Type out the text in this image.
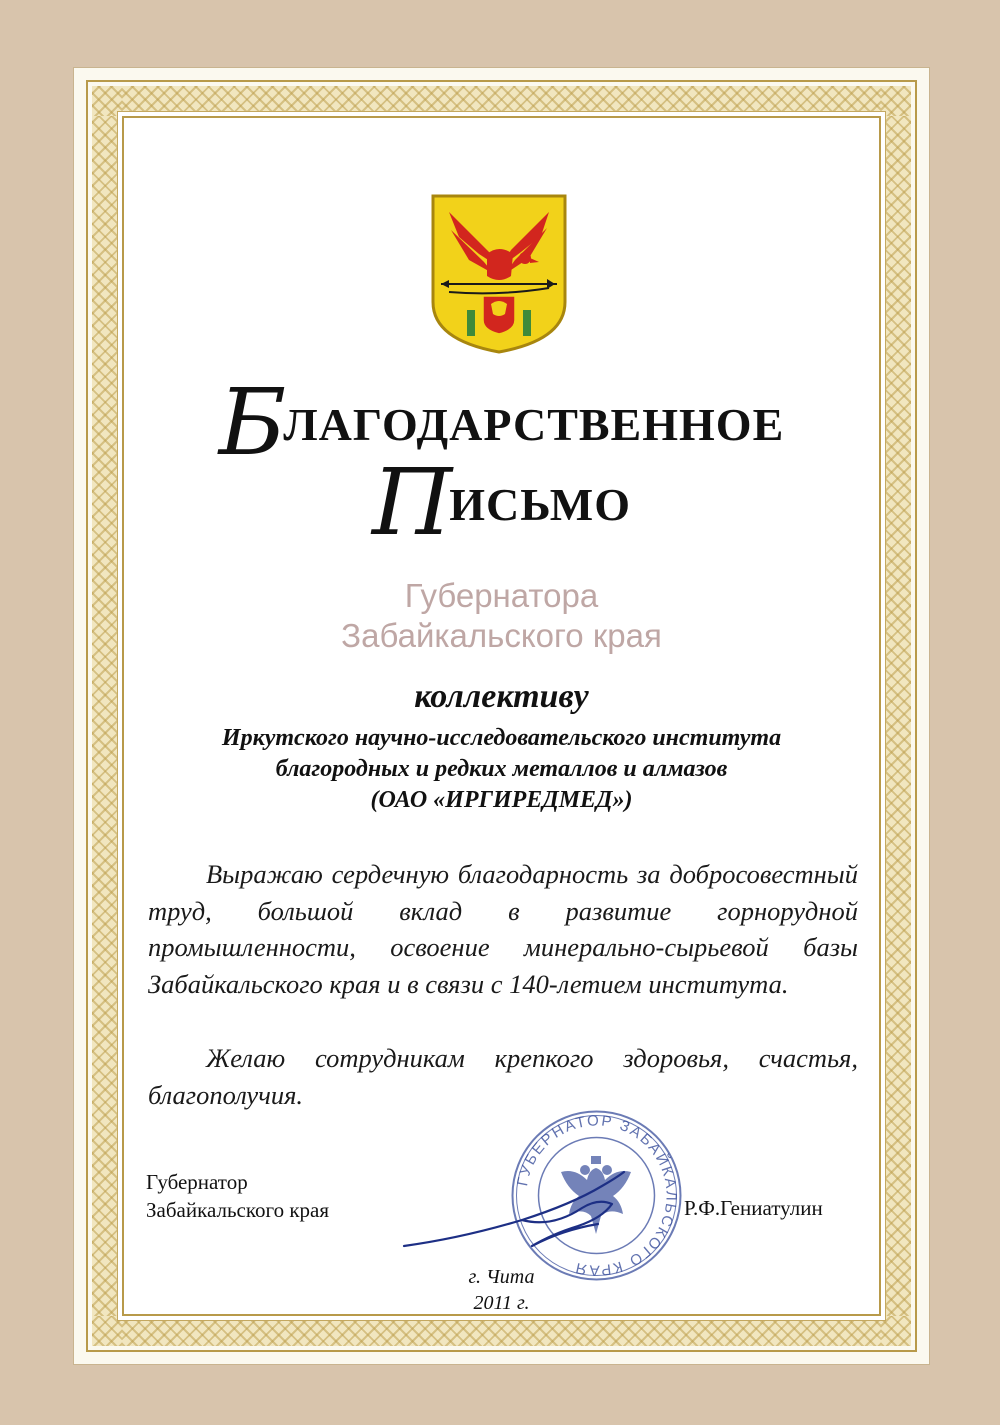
БЛАГОДАРСТВЕННОЕ
ПИСЬМО
Губернатора
Забайкальского края
коллективу
Иркутского научно-исследовательского института
благородных и редких металлов и алмазов
(ОАО «ИРГИРЕДМЕД»)
Выражаю сердечную благодарность за добросовестный труд, большой вклад в развитие горнорудной промышленности, освоение минерально-сырьевой базы Забайкальского края и в связи с 140-летием института.
Желаю сотрудникам крепкого здоровья, счастья, благополучия.
ГУБЕРНАТОР ЗАБАЙКАЛЬСКОГО КРАЯ
Губернатор
Забайкальского края	Р.Ф.Гениатулин
г. Чита
2011 г.
